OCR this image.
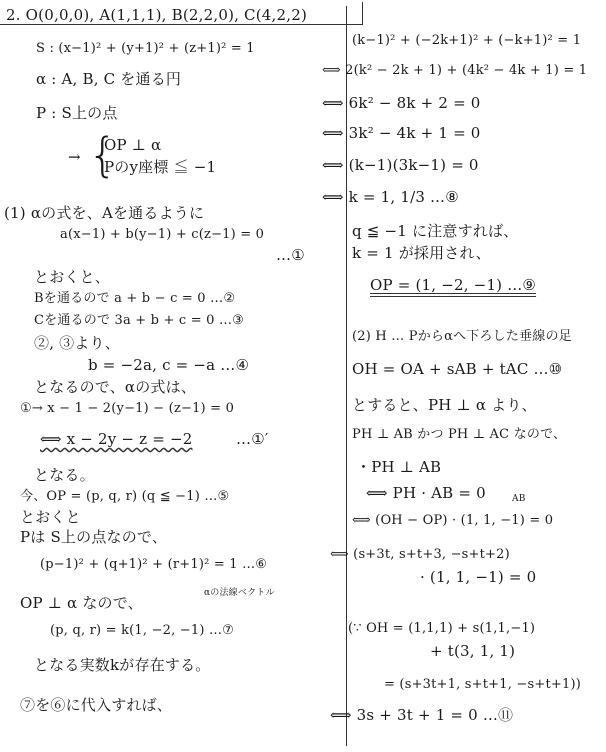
{
2. O(0,0,0), A(1,1,1), B(2,2,0), C(4,2,2)
S : (x−1)² + (y+1)² + (z+1)² = 1
α : A, B, C を通る円
P : S上の点
OP ⊥ α
Pのy座標 ≦ −1
→
(1) αの式を、Aを通るように
a(x−1) + b(y−1) + c(z−1) = 0
…①
とおくと、
Bを通るので a + b − c = 0 …②
Cを通るので 3a + b + c = 0 …③
②, ③より、
b = −2a, c = −a …④
となるので、αの式は、
①→ x − 1 − 2(y−1) − (z−1) = 0
⟺ x − 2y − z = −2	…①′
となる。
今、OP = (p, q, r) (q ≦ −1) …⑤
とおくと
Pは S上の点なので、
(p−1)² + (q+1)² + (r+1)² = 1 …⑥
OP ⊥ α なので、
αの法線ベクトル
(p, q, r) = k(1, −2, −1) …⑦
となる実数kが存在する。
⑦を⑥に代入すれば、
(k−1)² + (−2k+1)² + (−k+1)² = 1
⟺ 2(k² − 2k + 1) + (4k² − 4k + 1) = 1
⟺ 6k² − 8k + 2 = 0
⟺ 3k² − 4k + 1 = 0
⟺ (k−1)(3k−1) = 0
⟺ k = 1, 1/3 …⑧
q ≦ −1 に注意すれば、
k = 1 が採用され、
OP = (1, −2, −1) …⑨
(2) H … Pからαへ下ろした垂線の足
OH = OA + sAB + tAC …⑩
とすると、PH ⊥ α より、
PH ⊥ AB かつ PH ⊥ AC なので、
・PH ⊥ AB
⟺ PH · AB = 0	AB
⟺ (OH − OP) · (1, 1, −1) = 0
⟺ (s+3t, s+t+3, −s+t+2)
· (1, 1, −1) = 0
(∵ OH = (1,1,1) + s(1,1,−1)
+ t(3, 1, 1)
= (s+3t+1, s+t+1, −s+t+1))
⟺ 3s + 3t + 1 = 0 …⑪
